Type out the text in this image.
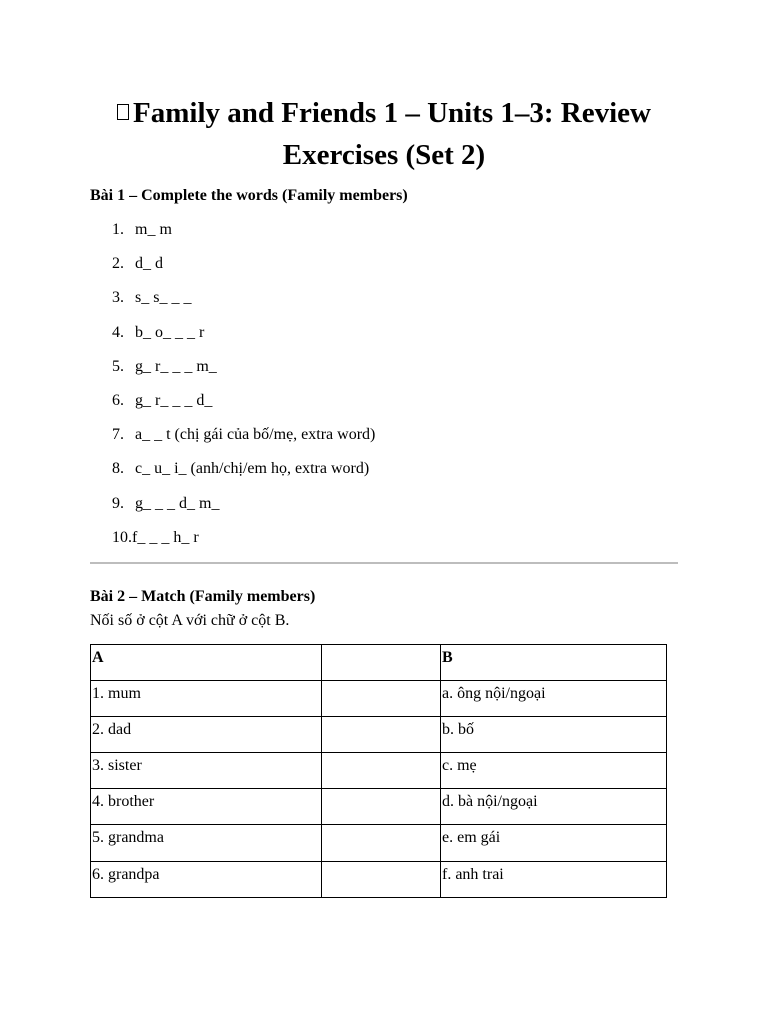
Family and Friends 1 – Units 1–3: Review Exercises (Set 2)
Bài 1 – Complete the words (Family members)
1. m_ m
2. d_ d
3. s_ s_ _ _
4. b_ o_ _ _ r
5. g_ r_ _ _ m_
6. g_ r_ _ _ d_
7. a_ _ t (chị gái của bố/mẹ, extra word)
8. c_ u_ i_ (anh/chị/em họ, extra word)
9. g_ _ _ d_ m_
10.f_ _ _ h_ r
Bài 2 – Match (Family members)
Nối số ở cột A với chữ ở cột B.
A		B
1. mum		a. ông nội/ngoại
2. dad		b. bố
3. sister		c. mẹ
4. brother		d. bà nội/ngoại
5. grandma		e. em gái
6. grandpa		f. anh trai
